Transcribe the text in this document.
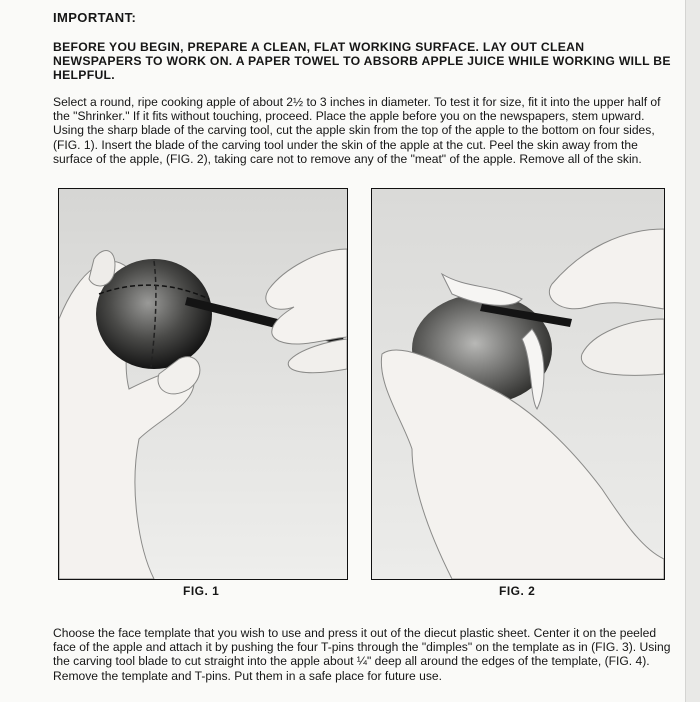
IMPORTANT:
BEFORE YOU BEGIN, PREPARE A CLEAN, FLAT WORKING SURFACE. LAY OUT CLEAN NEWSPAPERS TO WORK ON. A PAPER TOWEL TO ABSORB APPLE JUICE WHILE WORKING WILL BE HELPFUL.
Select a round, ripe cooking apple of about 2½ to 3 inches in diameter. To test it for size, fit it into the upper half of the "Shrinker." If it fits without touching, proceed. Place the apple before you on the newspapers, stem upward. Using the sharp blade of the carving tool, cut the apple skin from the top of the apple to the bottom on four sides, (FIG. 1). Insert the blade of the carving tool under the skin of the apple at the cut. Peel the skin away from the surface of the apple, (FIG. 2), taking care not to remove any of the "meat" of the apple. Remove all of the skin.
FIG. 1	FIG. 2
Choose the face template that you wish to use and press it out of the diecut plastic sheet. Center it on the peeled face of the apple and attach it by pushing the four T-pins through the "dimples" on the template as in (FIG. 3). Using the carving tool blade to cut straight into the apple about ¼" deep all around the edges of the template, (FIG. 4). Remove the template and T-pins. Put them in a safe place for future use.
